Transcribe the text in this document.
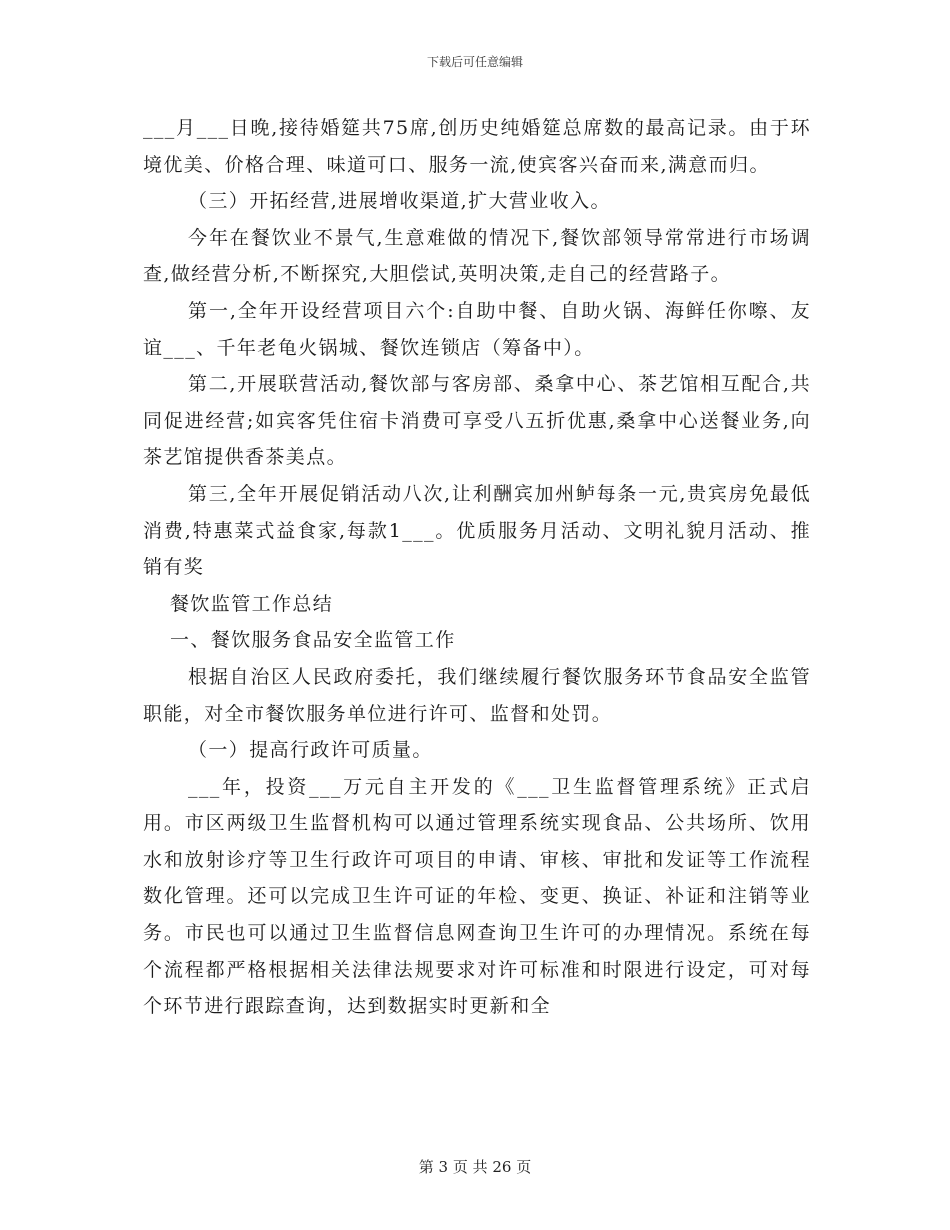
下载后可任意编辑

___月___日晚,接待婚筵共75席,创历史纯婚筵总席数的最高记录。由于环境优美、价格合理、味道可口、服务一流,使宾客兴奋而来,满意而归。

（三）开拓经营,进展增收渠道,扩大营业收入。

今年在餐饮业不景气,生意难做的情况下,餐饮部领导常常进行市场调查,做经营分析,不断探究,大胆偿试,英明决策,走自己的经营路子。

第一,全年开设经营项目六个:自助中餐、自助火锅、海鲜任你嚓、友谊___、千年老龟火锅城、餐饮连锁店（筹备中）。

第二,开展联营活动,餐饮部与客房部、桑拿中心、茶艺馆相互配合,共同促进经营;如宾客凭住宿卡消费可享受八五折优惠,桑拿中心送餐业务,向茶艺馆提供香茶美点。

第三,全年开展促销活动八次,让利酬宾加州鲈每条一元,贵宾房免最低消费,特惠菜式益食家,每款1___。优质服务月活动、文明礼貌月活动、推销有奖

餐饮监管工作总结

一、餐饮服务食品安全监管工作

根据自治区人民政府委托，我们继续履行餐饮服务环节食品安全监管职能，对全市餐饮服务单位进行许可、监督和处罚。

（一）提高行政许可质量。

___年，投资___万元自主开发的《___卫生监督管理系统》正式启用。市区两级卫生监督机构可以通过管理系统实现食品、公共场所、饮用水和放射诊疗等卫生行政许可项目的申请、审核、审批和发证等工作流程数化管理。还可以完成卫生许可证的年检、变更、换证、补证和注销等业务。市民也可以通过卫生监督信息网查询卫生许可的办理情况。系统在每个流程都严格根据相关法律法规要求对许可标准和时限进行设定，可对每个环节进行跟踪查询，达到数据实时更新和全

第 3 页 共 26 页
